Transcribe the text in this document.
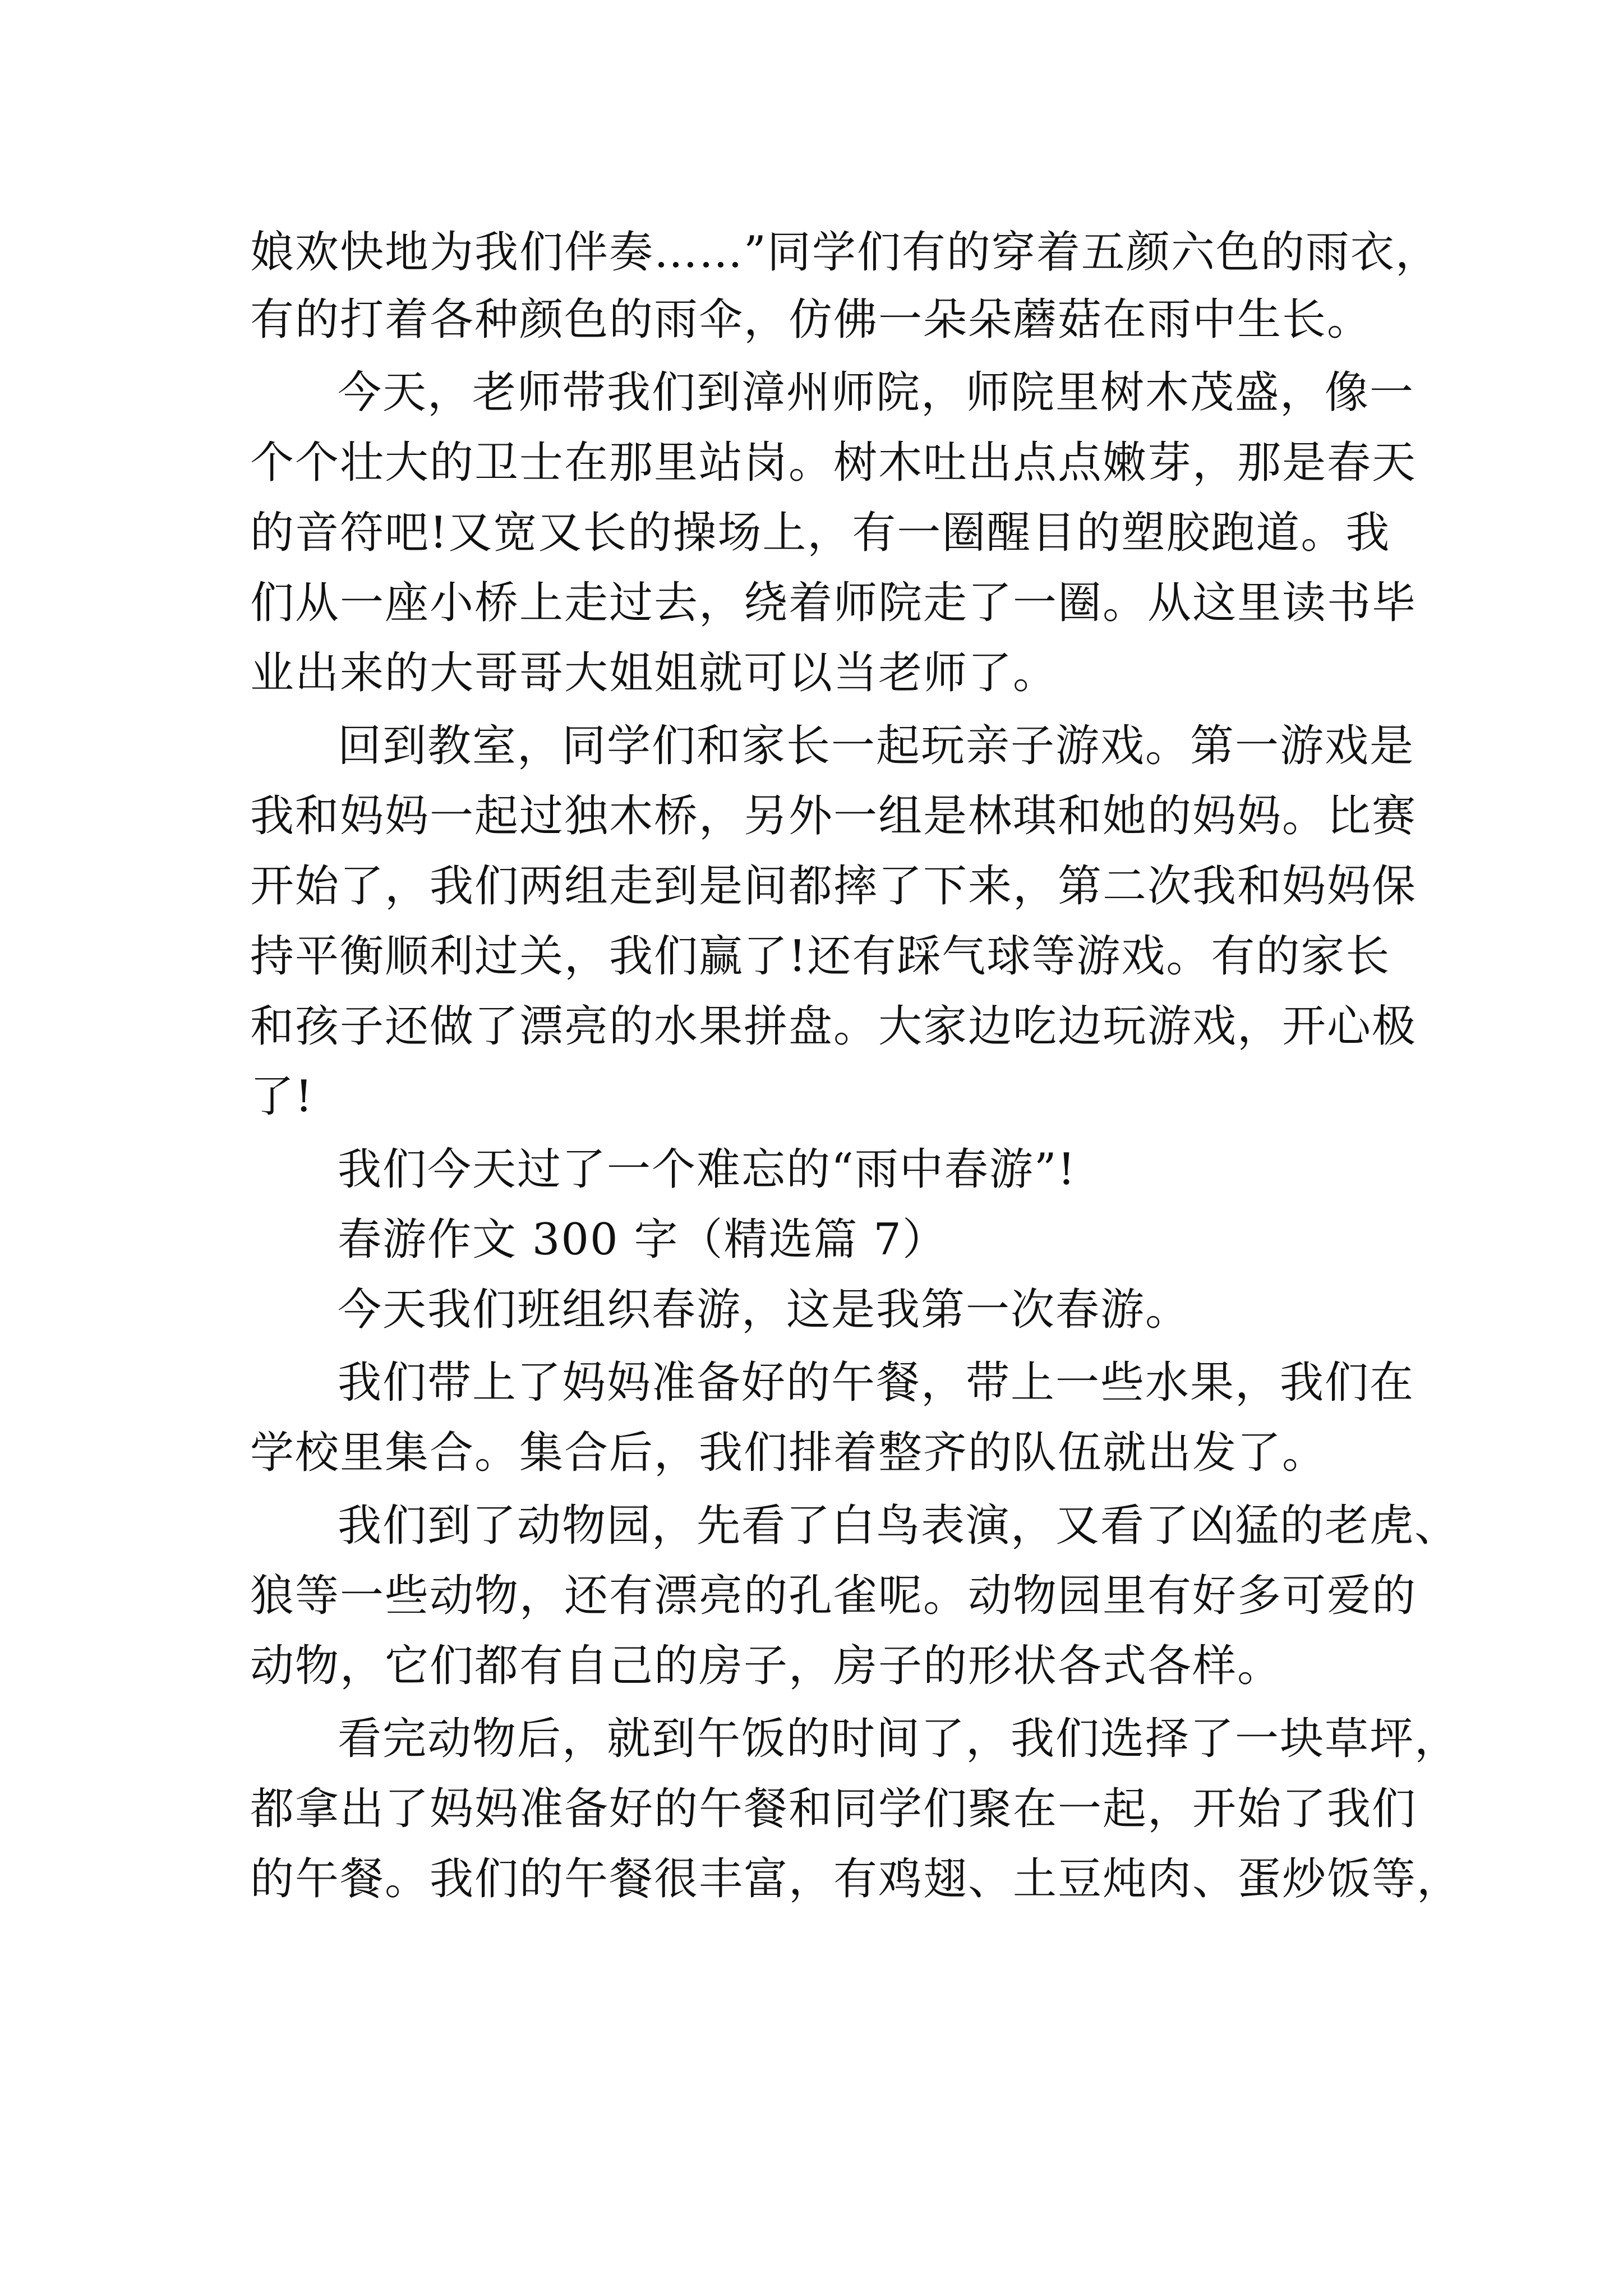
娘欢快地为我们伴奏……”同学们有的穿着五颜六色的雨衣，
有的打着各种颜色的雨伞，仿佛一朵朵蘑菇在雨中生长。
今天，老师带我们到漳州师院，师院里树木茂盛，像一
个个壮大的卫士在那里站岗。树木吐出点点嫩芽，那是春天
的音符吧!又宽又长的操场上，有一圈醒目的塑胶跑道。我
们从一座小桥上走过去，绕着师院走了一圈。从这里读书毕
业出来的大哥哥大姐姐就可以当老师了。
回到教室，同学们和家长一起玩亲子游戏。第一游戏是
我和妈妈一起过独木桥，另外一组是林琪和她的妈妈。比赛
开始了，我们两组走到是间都摔了下来，第二次我和妈妈保
持平衡顺利过关，我们赢了!还有踩气球等游戏。有的家长
和孩子还做了漂亮的水果拼盘。大家边吃边玩游戏，开心极
了!
我们今天过了一个难忘的“雨中春游”!
春游作文 300 字（精选篇 7）
今天我们班组织春游，这是我第一次春游。
我们带上了妈妈准备好的午餐，带上一些水果，我们在
学校里集合。集合后，我们排着整齐的队伍就出发了。
我们到了动物园，先看了白鸟表演，又看了凶猛的老虎、
狼等一些动物，还有漂亮的孔雀呢。动物园里有好多可爱的
动物，它们都有自己的房子，房子的形状各式各样。
看完动物后，就到午饭的时间了，我们选择了一块草坪，
都拿出了妈妈准备好的午餐和同学们聚在一起，开始了我们
的午餐。我们的午餐很丰富，有鸡翅、土豆炖肉、蛋炒饭等，
